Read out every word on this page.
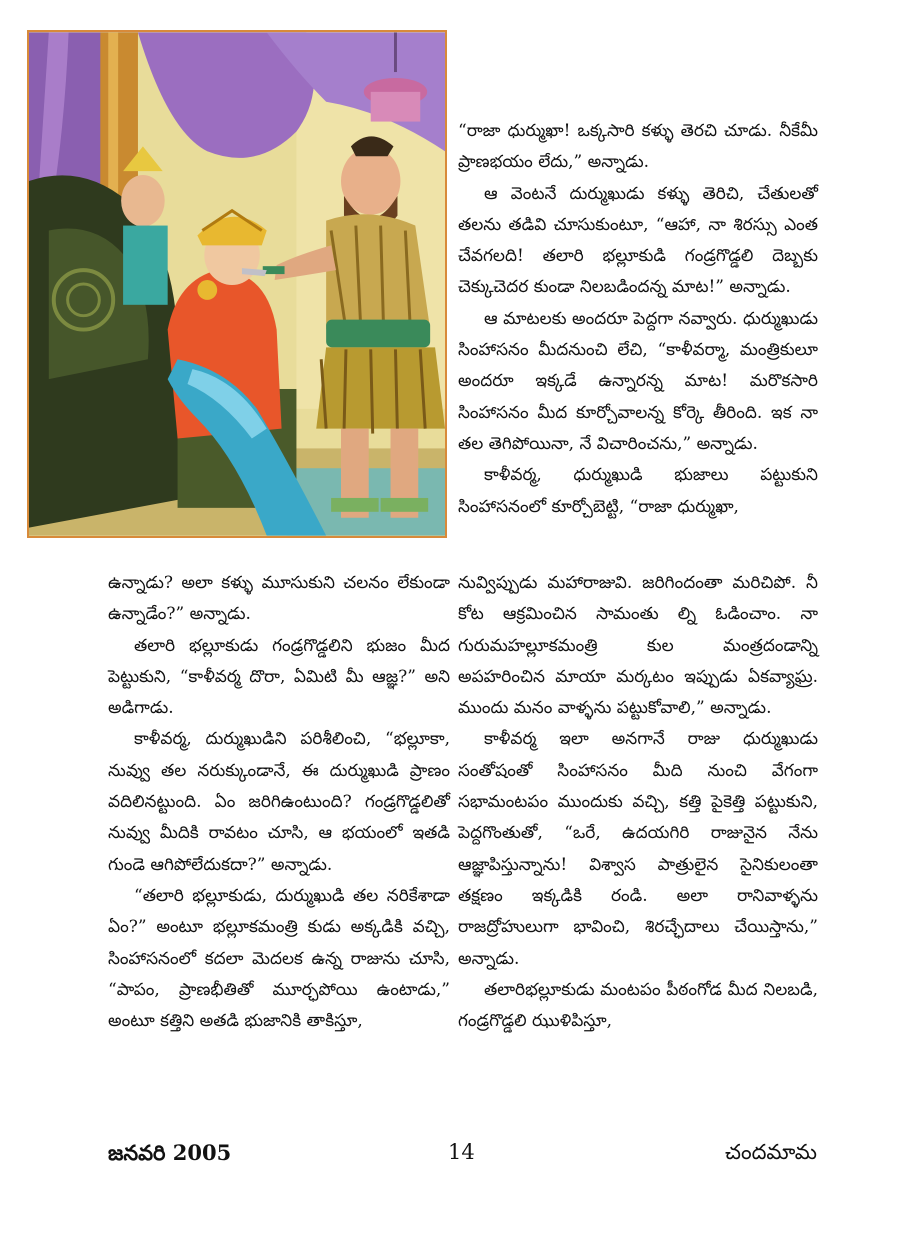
“రాజా ధుర్ముఖా! ఒక్కసారి కళ్ళు తెరచి చూడు. నీకేమీ ప్రాణభయం లేదు,” అన్నాడు.

ఆ వెంటనే దుర్ముఖుడు కళ్ళు తెరిచి, చేతులతో తలను తడివి చూసుకుంటూ, “ఆహా, నా శిరస్సు ఎంత చేవగలది! తలారి భల్లూకుడి గండ్రగొడ్డలి దెబ్బకు చెక్కుచెదర కుండా నిలబడిందన్న మాట!” అన్నాడు.

ఆ మాటలకు అందరూ పెద్దగా నవ్వారు. ధుర్ముఖుడు సింహాసనం మీదనుంచి లేచి, “కాళీవర్మా, మంత్రికులూ అందరూ ఇక్కడే ఉన్నారన్న మాట! మరొకసారి సింహాసనం మీద కూర్చోవాలన్న కోర్కె తీరింది. ఇక నా తల తెగిపోయినా, నే విచారించను,” అన్నాడు.

కాళీవర్మ, ధుర్ముఖుడి భుజాలు పట్టుకుని సింహాసనంలో కూర్చోబెట్టి, “రాజా ధుర్ముఖా,

ఉన్నాడు? అలా కళ్ళు మూసుకుని చలనం లేకుండా ఉన్నాడేం?” అన్నాడు.

తలారి భల్లూకుడు గండ్రగొడ్డలిని భుజం మీద పెట్టుకుని, “కాళీవర్మ దొరా, ఏమిటి మీ ఆజ్ఞ?” అని అడిగాడు.

కాళీవర్మ, దుర్ముఖుడిని పరిశీలించి, “భల్లూకా, నువ్వు తల నరుక్కుండానే, ఈ దుర్ముఖుడి ప్రాణం వదిలినట్టుంది. ఏం జరిగిఉంటుంది? గండ్రగొడ్డలితో నువ్వు మీదికి రావటం చూసి, ఆ భయంలో ఇతడి గుండె ఆగిపోలేదుకదా?” అన్నాడు.

“తలారి భల్లూకుడు, దుర్ముఖుడి తల నరికేశాడా ఏం?” అంటూ భల్లూకమంత్రి కుడు అక్కడికి వచ్చి, సింహాసనంలో కదలా మెదలక ఉన్న రాజును చూసి, “పాపం, ప్రాణభీతితో మూర్ఛపోయి ఉంటాడు,” అంటూ కత్తిని అతడి భుజానికి తాకిస్తూ,

నువ్విప్పుడు మహారాజువి. జరిగిందంతా మరిచిపో. నీ కోట ఆక్రమించిన సామంతు ల్ని ఓడించాం. నా గురుమహల్లూకమంత్రి కుల మంత్రదండాన్ని అపహరించిన మాయా మర్కటం ఇప్పుడు ఏకవ్యాఘ్ర. ముందు మనం వాళ్ళను పట్టుకోవాలి,” అన్నాడు.

కాళీవర్మ ఇలా అనగానే రాజు ధుర్ముఖుడు సంతోషంతో సింహాసనం మీది నుంచి వేగంగా సభామంటపం ముందుకు వచ్చి, కత్తి పైకెత్తి పట్టుకుని, పెద్దగొంతుతో, “ఒరే, ఉదయగిరి రాజునైన నేను ఆజ్ఞాపిస్తున్నాను! విశ్వాస పాత్రులైన సైనికులంతా తక్షణం ఇక్కడికి రండి. అలా రానివాళ్ళను రాజద్రోహులుగా భావించి, శిరచ్ఛేదాలు చేయిస్తాను,” అన్నాడు.

తలారిభల్లూకుడు మంటపం పీఠంగోడ మీద నిలబడి, గండ్రగొడ్డలి ఝుళిపిస్తూ,

జనవరి 2005	14	చందమామ
